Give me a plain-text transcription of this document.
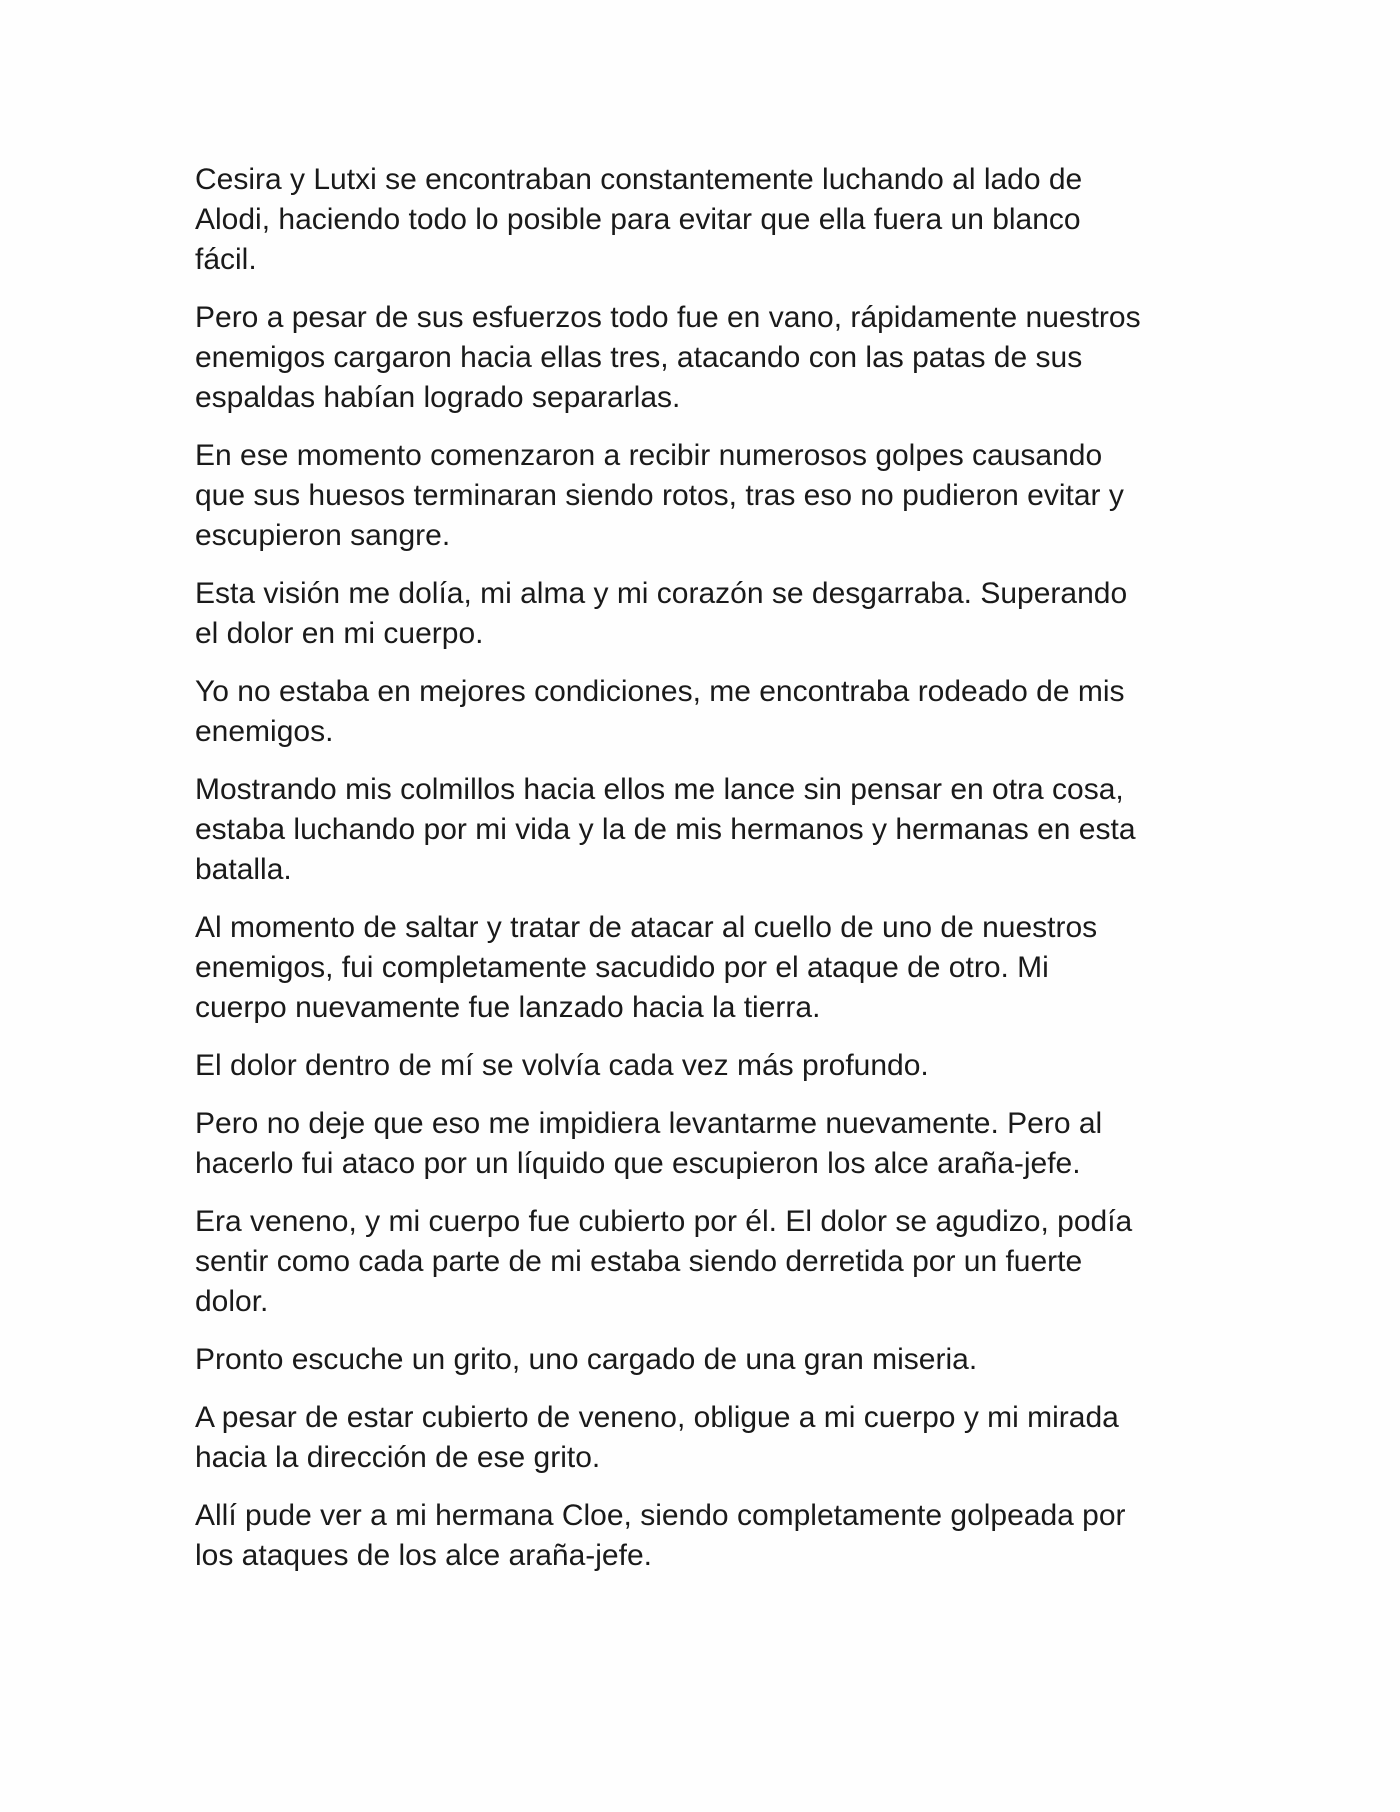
Cesira y Lutxi se encontraban constantemente luchando al lado de
Alodi, haciendo todo lo posible para evitar que ella fuera un blanco
fácil.

Pero a pesar de sus esfuerzos todo fue en vano, rápidamente nuestros
enemigos cargaron hacia ellas tres, atacando con las patas de sus
espaldas habían logrado separarlas.

En ese momento comenzaron a recibir numerosos golpes causando
que sus huesos terminaran siendo rotos, tras eso no pudieron evitar y
escupieron sangre.

Esta visión me dolía, mi alma y mi corazón se desgarraba. Superando
el dolor en mi cuerpo.

Yo no estaba en mejores condiciones, me encontraba rodeado de mis
enemigos.

Mostrando mis colmillos hacia ellos me lance sin pensar en otra cosa,
estaba luchando por mi vida y la de mis hermanos y hermanas en esta
batalla.

Al momento de saltar y tratar de atacar al cuello de uno de nuestros
enemigos, fui completamente sacudido por el ataque de otro. Mi
cuerpo nuevamente fue lanzado hacia la tierra.

El dolor dentro de mí se volvía cada vez más profundo.

Pero no deje que eso me impidiera levantarme nuevamente. Pero al
hacerlo fui ataco por un líquido que escupieron los alce araña-jefe.

Era veneno, y mi cuerpo fue cubierto por él. El dolor se agudizo, podía
sentir como cada parte de mi estaba siendo derretida por un fuerte
dolor.

Pronto escuche un grito, uno cargado de una gran miseria.

A pesar de estar cubierto de veneno, obligue a mi cuerpo y mi mirada
hacia la dirección de ese grito.

Allí pude ver a mi hermana Cloe, siendo completamente golpeada por
los ataques de los alce araña-jefe.
